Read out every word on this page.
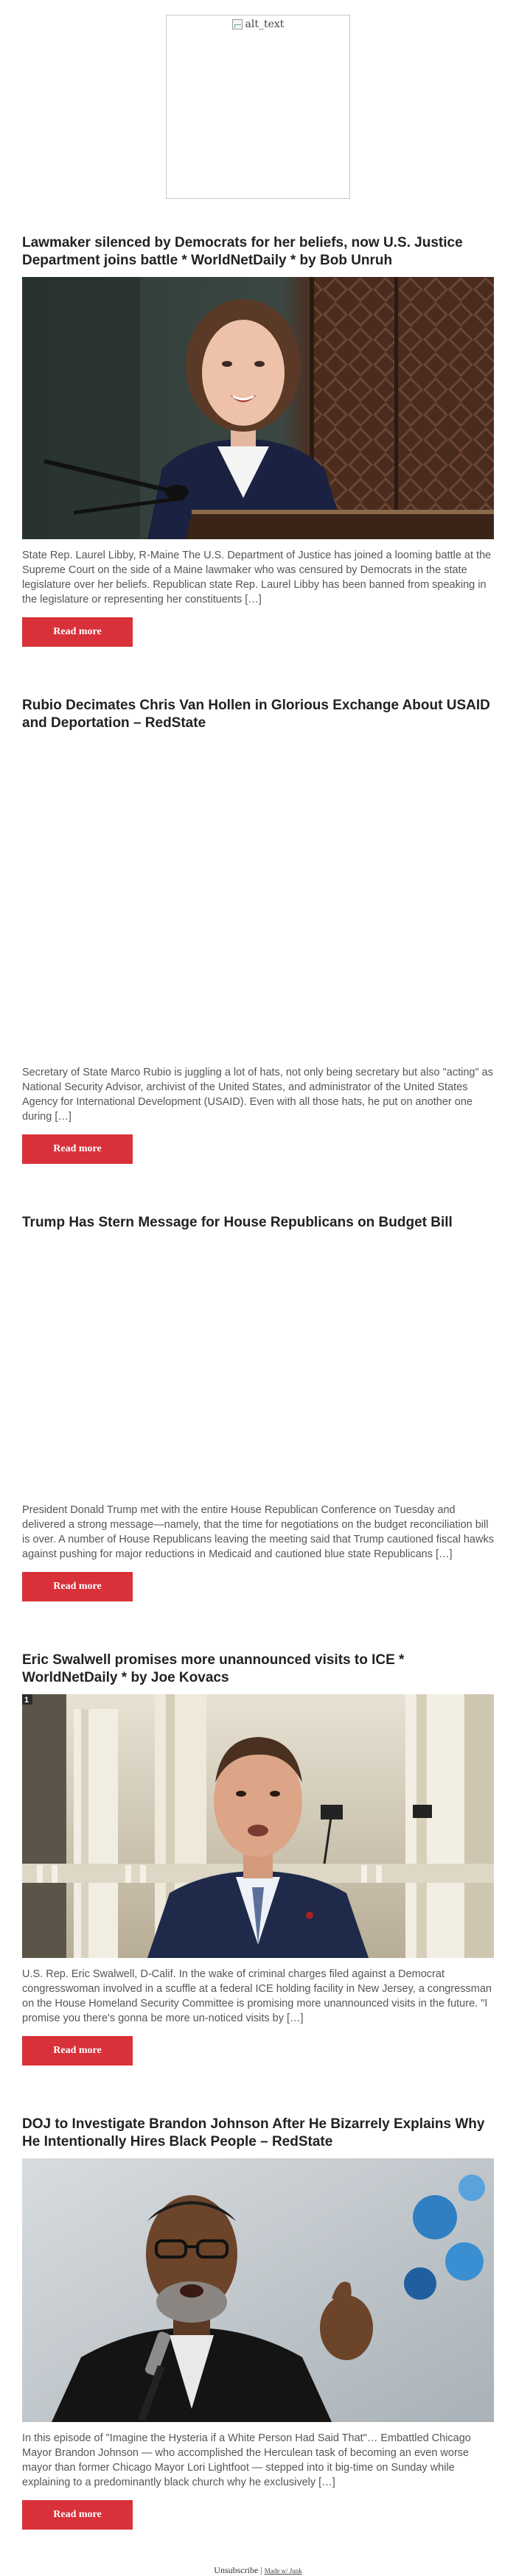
alt_text
Lawmaker silenced by Democrats for her beliefs, now U.S. Justice Department joins battle * WorldNetDaily * by Bob Unruh

State Rep. Laurel Libby, R-Maine The U.S. Department of Justice has joined a looming battle at the Supreme Court on the side of a Maine lawmaker who was censured by Democrats in the state legislature over her beliefs. Republican state Rep. Laurel Libby has been banned from speaking in the legislature or representing her constituents […]

Read more
Rubio Decimates Chris Van Hollen in Glorious Exchange About USAID and Deportation – RedState

Secretary of State Marco Rubio is juggling a lot of hats, not only being secretary but also "acting" as National Security Advisor, archivist of the United States, and administrator of the United States Agency for International Development (USAID). Even with all those hats, he put on another one during […]

Read more
Trump Has Stern Message for House Republicans on Budget Bill

President Donald Trump met with the entire House Republican Conference on Tuesday and delivered a strong message—namely, that the time for negotiations on the budget reconciliation bill is over. A number of House Republicans leaving the meeting said that Trump cautioned fiscal hawks against pushing for major reductions in Medicaid and cautioned blue state Republicans […]

Read more
Eric Swalwell promises more unannounced visits to ICE * WorldNetDaily * by Joe Kovacs
1

U.S. Rep. Eric Swalwell, D-Calif. In the wake of criminal charges filed against a Democrat congresswoman involved in a scuffle at a federal ICE holding facility in New Jersey, a congressman on the House Homeland Security Committee is promising more unannounced visits in the future. "I promise you there's gonna be more un-noticed visits by […]

Read more
DOJ to Investigate Brandon Johnson After He Bizarrely Explains Why He Intentionally Hires Black People – RedState

In this episode of "Imagine the Hysteria if a White Person Had Said That"… Embattled Chicago Mayor Brandon Johnson — who accomplished the Herculean task of becoming an even worse mayor than former Chicago Mayor Lori Lightfoot — stepped into it big-time on Sunday while explaining to a predominantly black church why he exclusively […]

Read more
Unsubscribe | Made w/ Junk
